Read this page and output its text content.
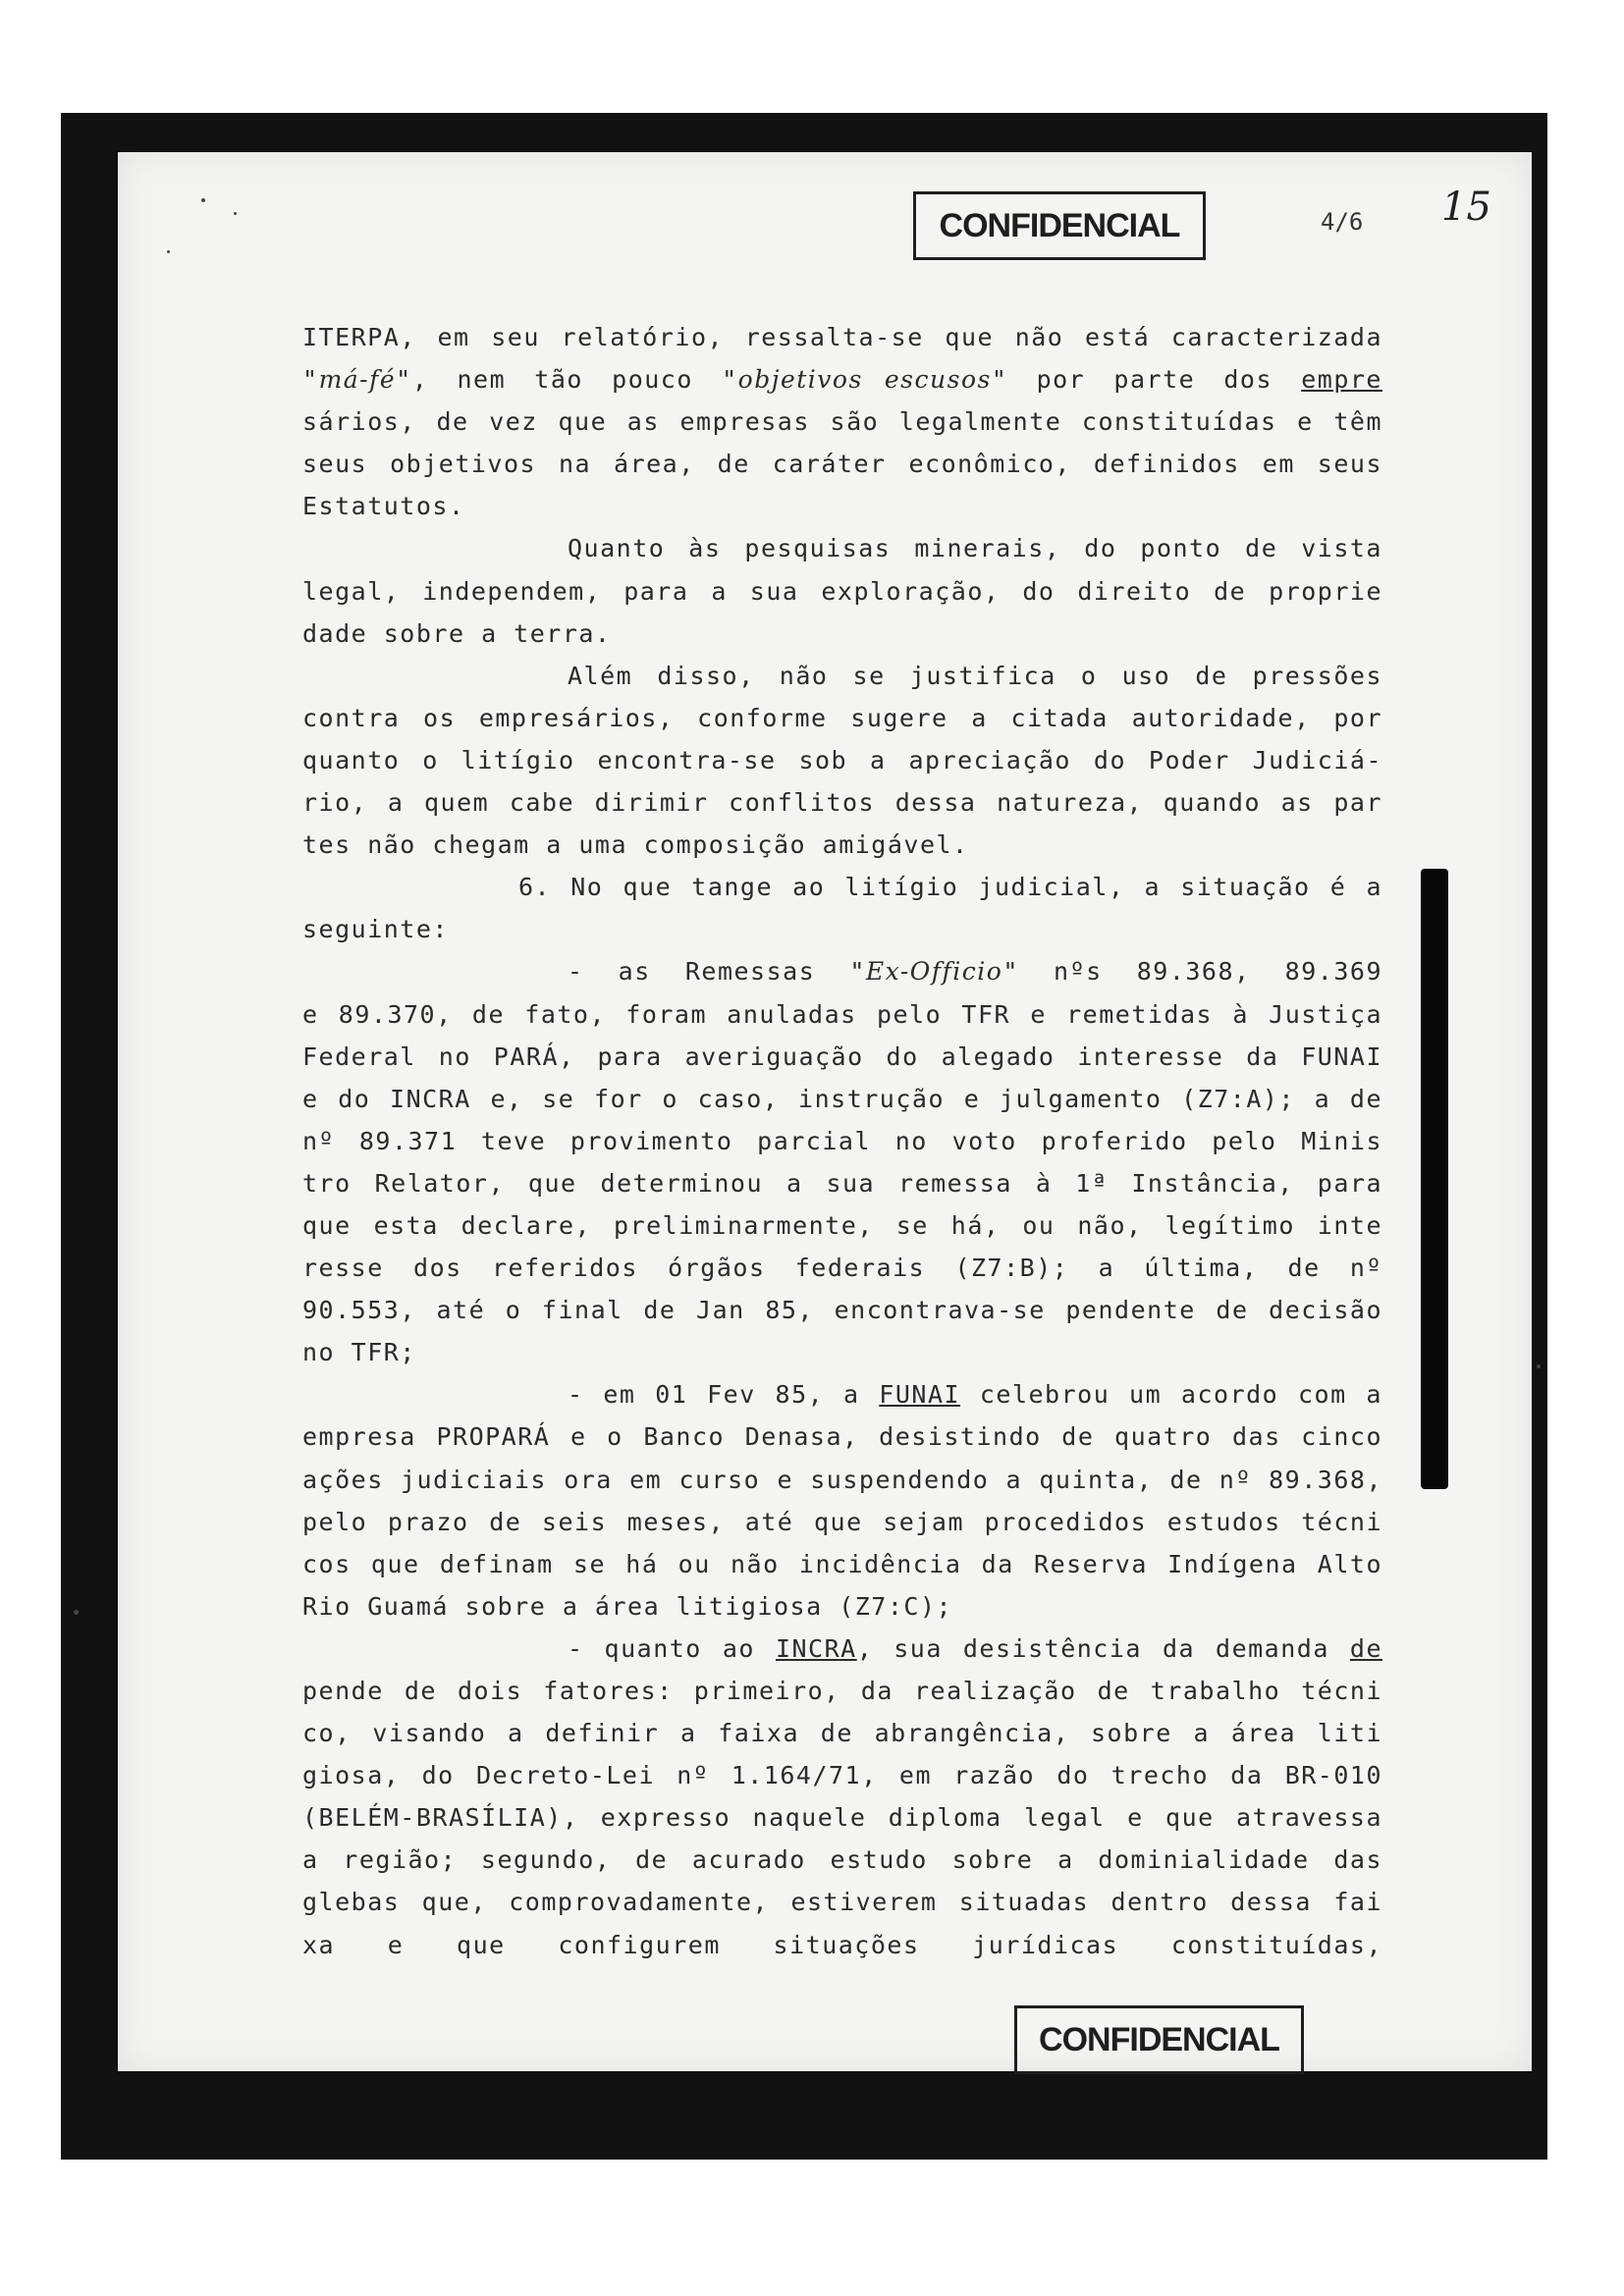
CONFIDENCIAL	4/6 15
ITERPA, em seu relatório, ressalta-se que não está caracterizada
"má-fé", nem tão pouco "objetivos escusos" por parte dos empre
sários, de vez que as empresas são legalmente constituídas e têm
seus objetivos na área, de caráter econômico, definidos em seus
Estatutos.
Quanto às pesquisas minerais, do ponto de vista
legal, independem, para a sua exploração, do direito de proprie
dade sobre a terra.
Além disso, não se justifica o uso de pressões
contra os empresários, conforme sugere a citada autoridade, por
quanto o litígio encontra-se sob a apreciação do Poder Judiciá-
rio, a quem cabe dirimir conflitos dessa natureza, quando as par
tes não chegam a uma composição amigável.
6. No que tange ao litígio judicial, a situação é a
seguinte:
- as Remessas "Ex-Officio" nºs 89.368, 89.369
e 89.370, de fato, foram anuladas pelo TFR e remetidas à Justiça
Federal no PARÁ, para averiguação do alegado interesse da FUNAI
e do INCRA e, se for o caso, instrução e julgamento (Z7:A); a de
nº 89.371 teve provimento parcial no voto proferido pelo Minis
tro Relator, que determinou a sua remessa à 1ª Instância, para
que esta declare, preliminarmente, se há, ou não, legítimo inte
resse dos referidos órgãos federais (Z7:B); a última, de nº
90.553, até o final de Jan 85, encontrava-se pendente de decisão
no TFR;
- em 01 Fev 85, a FUNAI celebrou um acordo com a
empresa PROPARÁ e o Banco Denasa, desistindo de quatro das cinco
ações judiciais ora em curso e suspendendo a quinta, de nº 89.368,
pelo prazo de seis meses, até que sejam procedidos estudos técni
cos que definam se há ou não incidência da Reserva Indígena Alto
Rio Guamá sobre a área litigiosa (Z7:C);
- quanto ao INCRA, sua desistência da demanda de
pende de dois fatores: primeiro, da realização de trabalho técni
co, visando a definir a faixa de abrangência, sobre a área liti
giosa, do Decreto-Lei nº 1.164/71, em razão do trecho da BR-010
(BELÉM-BRASÍLIA), expresso naquele diploma legal e que atravessa
a região; segundo, de acurado estudo sobre a dominialidade das
glebas que, comprovadamente, estiverem situadas dentro dessa fai
xa e que configurem situações jurídicas constituídas,
CONFIDENCIAL
